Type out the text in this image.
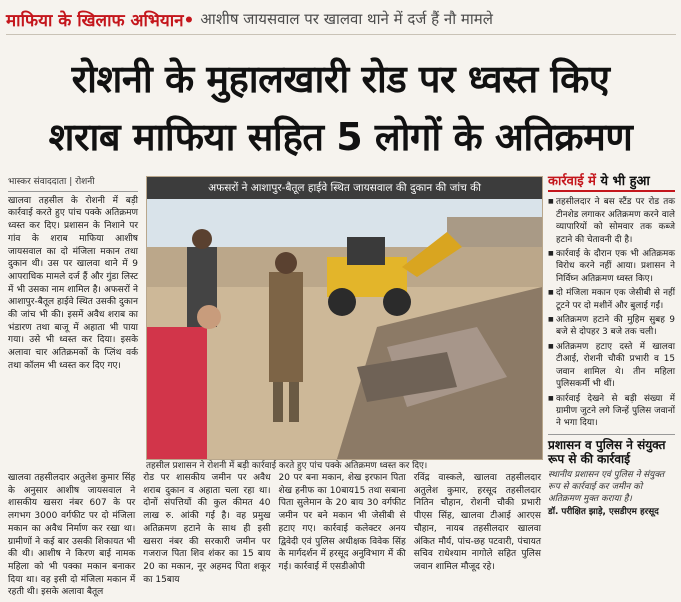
माफिया के खिलाफ अभियान• आशीष जायसवाल पर खालवा थाने में दर्ज हैं नौ मामले
रोशनी के मुहालखारी रोड पर ध्वस्त किए
शराब माफिया सहित 5 लोगों के अतिक्रमण
भास्कर संवाददाता | रोशनी
खालवा तहसील के रोशनी में बड़ी कार्रवाई करते हुए पांच पक्के अतिक्रमण ध्वस्त कर दिए। प्रशासन के निशाने पर गांव के शराब माफिया आशीष जायसवाल का दो मंजिला मकान तथा दुकान थी। उस पर खालवा थाने में 9 आपराधिक मामले दर्ज हैं और गुंडा लिस्ट में भी उसका नाम शामिल है। अफसरों ने आशापुर-बैतूल हाईवे स्थित उसकी दुकान की जांच भी की। इसमें अवैध शराब का भंडारण तथा बाजू में अहाता भी पाया गया। उसे भी ध्वस्त कर दिया। इसके अलावा चार अतिक्रमकों के प्लिंथ वर्क तथा कॉलम भी ध्वस्त कर दिए गए।
अफसरों ने आशापुर-बैतूल हाईवे स्थित जायसवाल की दुकान की जांच की
तहसील प्रशासन ने रोशनी में बड़ी कार्रवाई करते हुए पांच पक्के अतिक्रमण ध्वस्त कर दिए।
कार्रवाई में ये भी हुआ
■ तहसीलदार ने बस स्टैंड पर रोड तक टीनशेड लगाकर अतिक्रमण करने वाले व्यापारियों को सोमवार तक कब्जे हटाने की चेतावनी दी है।
■ कार्रवाई के दौरान एक भी अतिक्रमक विरोध करने नहीं आया। प्रशासन ने निर्विघ्न अतिक्रमण ध्वस्त किए।
■ दो मंजिला मकान एक जेसीबी से नहीं टूटने पर दो मशीनें और बुलाई गईं।
■ अतिक्रमण हटाने की मुहिम सुबह 9 बजे से दोपहर 3 बजे तक चली।
■ अतिक्रमण हटाए दस्ते में खालवा टीआई, रोशनी चौकी प्रभारी व 15 जवान शामिल थे। तीन महिला पुलिसकर्मी भी थीं।
■ कार्रवाई देखने से बड़ी संख्या में ग्रामीण जुटने लगे जिन्हें पुलिस जवानों ने भगा दिया।
प्रशासन व पुलिस ने संयुक्त रूप से की कार्रवाई
स्थानीय प्रशासन एवं पुलिस ने संयुक्त रूप से कार्रवाई कर जमीन को अतिक्रमण मुक्त कराया है।
डॉ. परीक्षित झाड़े, एसडीएम हरसूद
खालवा तहसीलदार अतुलेश कुमार सिंह के अनुसार आशीष जायसवाल ने शासकीय खसरा नंबर 607 के पर लगभग 3000 वर्गफीट पर दो मंजिला मकान का अवैध निर्माण कर रखा था। ग्रामीणों ने कई बार उसकी शिकायत भी की थी। आशीष ने किरण बाई नामक महिला को भी पक्का मकान बनाकर दिया था। वह इसी दो मंजिला मकान में रहती थी। इसके अलावा बैतूल
रोड पर शासकीय जमीन पर अवैध शराब दुकान व अहाता चला रहा था। दोनों संपत्तियों की कुल कीमत 40 लाख रु. आंकी गई है। वह प्रमुख अतिक्रमण हटाने के साथ ही इसी खसरा नंबर की सरकारी जमीन पर गजराज पिता शिव शंकर का 15 बाय 20 का मकान, नूर अहमद पिता शकूर का 15बाय
20 पर बना मकान, शेख इरफान पिता शेख हनीफ का 10बाय15 तथा सबाना पिता सुलेमान के 20 बाय 30 वर्गफीट जमीन पर बने मकान भी जेसीबी से हटाए गए। कार्रवाई कलेक्टर अनय द्विवेदी एवं पुलिस अधीक्षक विवेक सिंह के मार्गदर्शन में हरसूद अनुविभाग में की गई। कार्रवाई में एसडीओपी
रविंद्र वास्कले, खालवा तहसीलदार अतुलेश कुमार, हरसूद तहसीलदार नितिन चौहान, रोशनी चौकी प्रभारी पीएस सिंह, खालवा टीआई आरएस चौहान, नायब तहसीलदार खालवा अंकित मौर्य, पांच-छह पटवारी, पंचायत सचिव राधेश्याम नागोले सहित पुलिस जवान शामिल मौजूद रहे।
